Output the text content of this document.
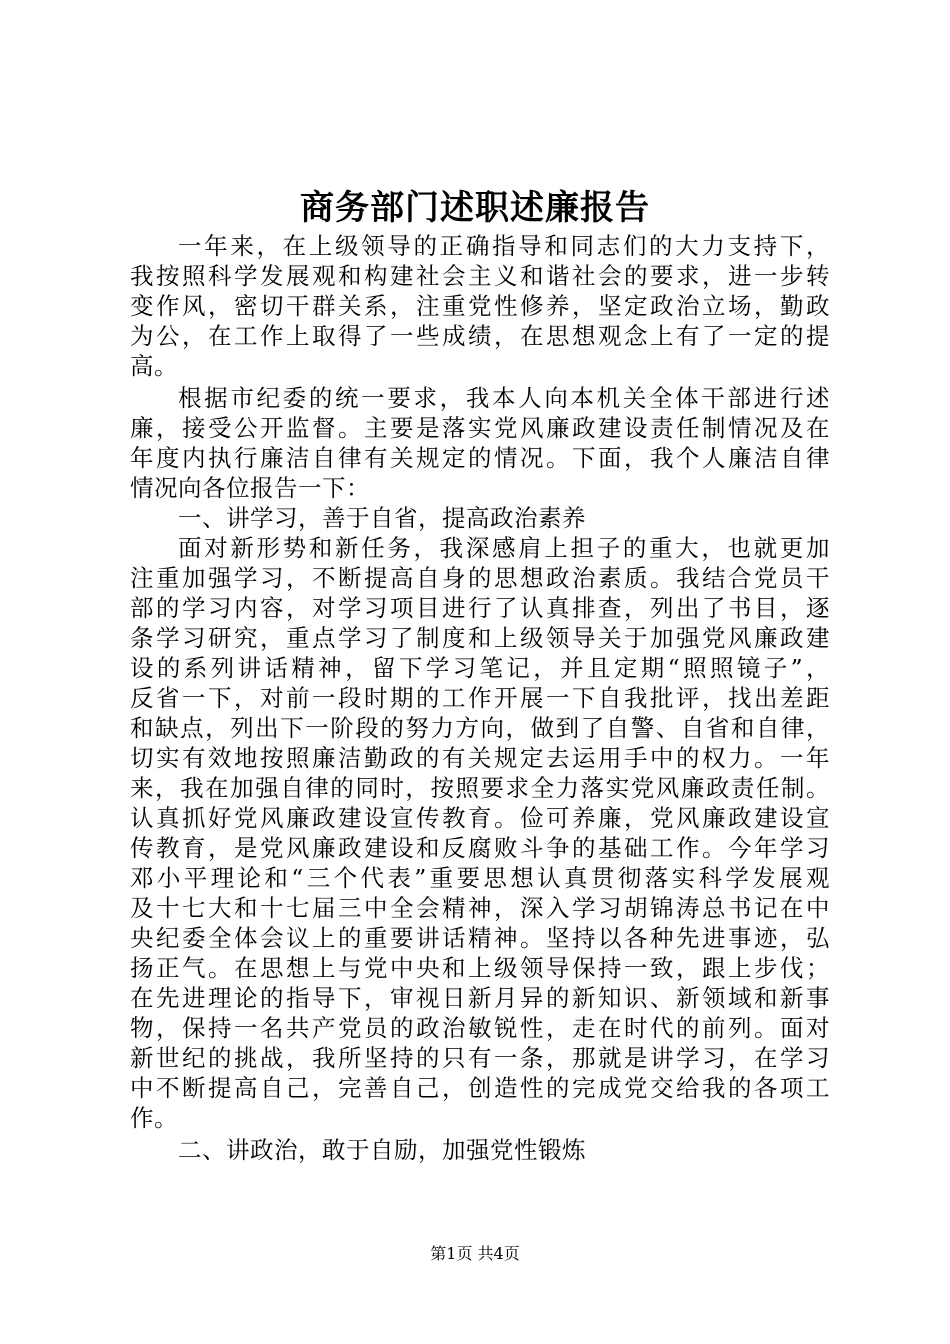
商务部门述职述廉报告
一年来，在上级领导的正确指导和同志们的大力支持下，
我按照科学发展观和构建社会主义和谐社会的要求，进一步转
变作风，密切干群关系，注重党性修养，坚定政治立场，勤政
为公，在工作上取得了一些成绩，在思想观念上有了一定的提
高。
根据市纪委的统一要求，我本人向本机关全体干部进行述
廉，接受公开监督。主要是落实党风廉政建设责任制情况及在
年度内执行廉洁自律有关规定的情况。下面，我个人廉洁自律
情况向各位报告一下：
一、讲学习，善于自省，提高政治素养
面对新形势和新任务，我深感肩上担子的重大，也就更加
注重加强学习，不断提高自身的思想政治素质。我结合党员干
部的学习内容，对学习项目进行了认真排查，列出了书目，逐
条学习研究，重点学习了制度和上级领导关于加强党风廉政建
设的系列讲话精神，留下学习笔记，并且定期“照照镜子”，
反省一下，对前一段时期的工作开展一下自我批评，找出差距
和缺点，列出下一阶段的努力方向，做到了自警、自省和自律，
切实有效地按照廉洁勤政的有关规定去运用手中的权力。一年
来，我在加强自律的同时，按照要求全力落实党风廉政责任制。
认真抓好党风廉政建设宣传教育。俭可养廉，党风廉政建设宣
传教育，是党风廉政建设和反腐败斗争的基础工作。今年学习
邓小平理论和“三个代表”重要思想认真贯彻落实科学发展观
及十七大和十七届三中全会精神，深入学习胡锦涛总书记在中
央纪委全体会议上的重要讲话精神。坚持以各种先进事迹，弘
扬正气。在思想上与党中央和上级领导保持一致，跟上步伐；
在先进理论的指导下，审视日新月异的新知识、新领域和新事
物，保持一名共产党员的政治敏锐性，走在时代的前列。面对
新世纪的挑战，我所坚持的只有一条，那就是讲学习，在学习
中不断提高自己，完善自己，创造性的完成党交给我的各项工
作。
二、讲政治，敢于自励，加强党性锻炼
第1页 共4页
